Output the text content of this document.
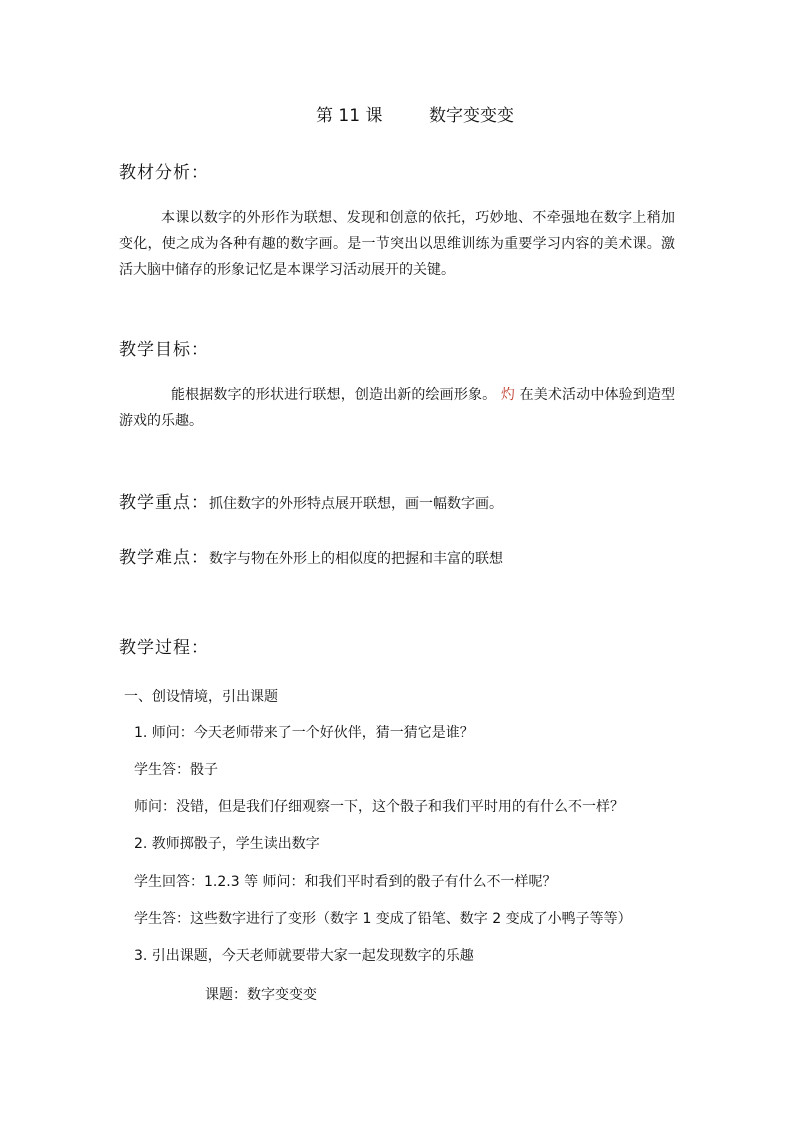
第 11 课	数字变变变
教材分析：
本课以数字的外形作为联想、发现和创意的依托，巧妙地、不牵强地在数字上稍加变化，使之成为各种有趣的数字画。是一节突出以思维训练为重要学习内容的美术课。激活大脑中储存的形象记忆是本课学习活动展开的关键。
教学目标：
能根据数字的形状进行联想，创造出新的绘画形象。 灼 在美术活动中体验到造型游戏的乐趣。
教学重点：抓住数字的外形特点展开联想，画一幅数字画。
教学难点：数字与物在外形上的相似度的把握和丰富的联想
教学过程：
一、创设情境，引出课题
1. 师问：今天老师带来了一个好伙伴，猜一猜它是谁？
学生答：骰子
师问：没错，但是我们仔细观察一下，这个骰子和我们平时用的有什么不一样？
2. 教师掷骰子，学生读出数字
学生回答：1.2.3 等 师问：和我们平时看到的骰子有什么不一样呢？
学生答：这些数字进行了变形（数字 1 变成了铅笔、数字 2 变成了小鸭子等等）
3. 引出课题，今天老师就要带大家一起发现数字的乐趣
课题：数字变变变
